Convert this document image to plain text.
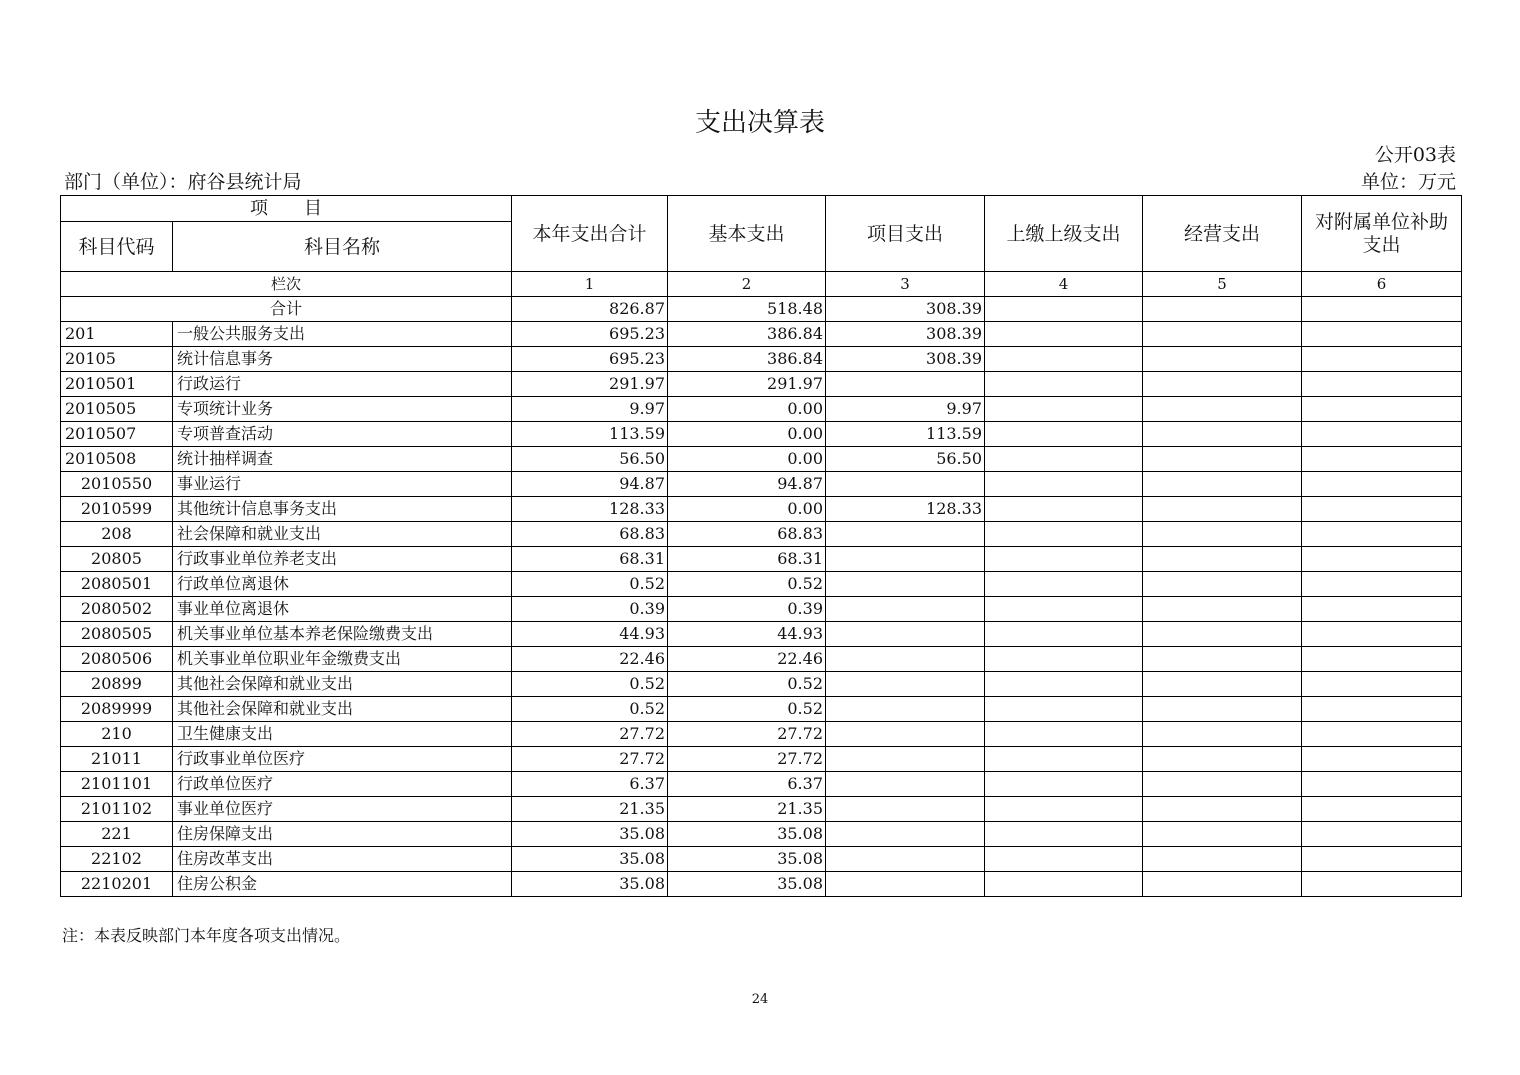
支出决算表
公开03表
部门（单位）：府谷县统计局	单位：万元
项　　目		本年支出合计	基本支出	项目支出	上缴上级支出	经营支出	对附属单位补助支出
科目代码	科目名称						
栏次		1	2	3	4	5	6
合计		826.87	518.48	308.39			
201	一般公共服务支出	695.23	386.84	308.39			
20105	统计信息事务	695.23	386.84	308.39			
2010501	行政运行	291.97	291.97				
2010505	专项统计业务	9.97	0.00	9.97			
2010507	专项普查活动	113.59	0.00	113.59			
2010508	统计抽样调查	56.50	0.00	56.50			
2010550	事业运行	94.87	94.87				
2010599	其他统计信息事务支出	128.33	0.00	128.33			
208	社会保障和就业支出	68.83	68.83				
20805	行政事业单位养老支出	68.31	68.31				
2080501	行政单位离退休	0.52	0.52				
2080502	事业单位离退休	0.39	0.39				
2080505	机关事业单位基本养老保险缴费支出	44.93	44.93				
2080506	机关事业单位职业年金缴费支出	22.46	22.46				
20899	其他社会保障和就业支出	0.52	0.52				
2089999	其他社会保障和就业支出	0.52	0.52				
210	卫生健康支出	27.72	27.72				
21011	行政事业单位医疗	27.72	27.72				
2101101	行政单位医疗	6.37	6.37				
2101102	事业单位医疗	21.35	21.35				
221	住房保障支出	35.08	35.08				
22102	住房改革支出	35.08	35.08				
2210201	住房公积金	35.08	35.08				
注：本表反映部门本年度各项支出情况。
24
